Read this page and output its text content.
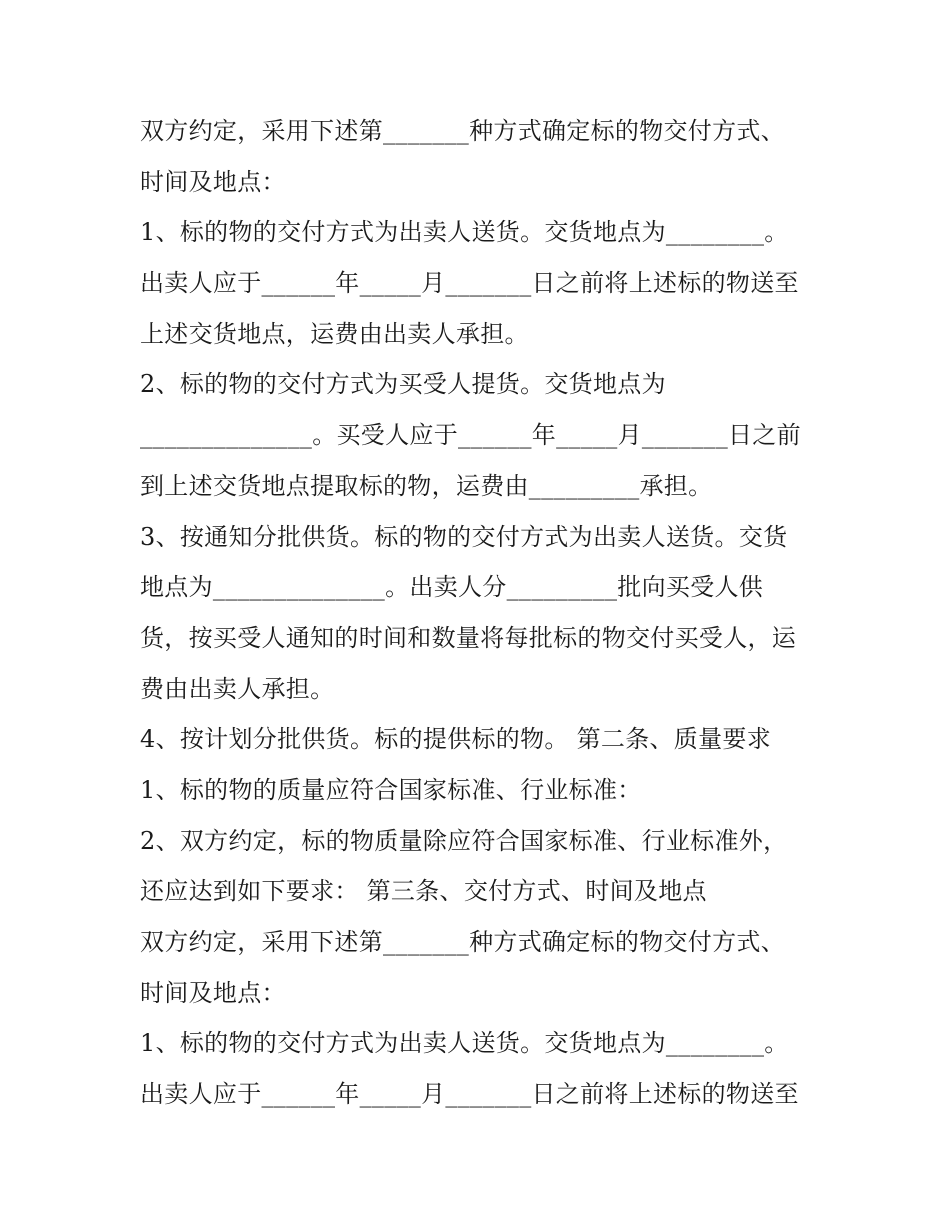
双方约定，采用下述第_______种方式确定标的物交付方式、
时间及地点：
1、标的物的交付方式为出卖人送货。交货地点为________。
出卖人应于______年_____月_______日之前将上述标的物送至
上述交货地点，运费由出卖人承担。
2、标的物的交付方式为买受人提货。交货地点为
______________。买受人应于______年_____月_______日之前
到上述交货地点提取标的物，运费由_________承担。
3、按通知分批供货。标的物的交付方式为出卖人送货。交货
地点为______________。出卖人分_________批向买受人供
货，按买受人通知的时间和数量将每批标的物交付买受人，运
费由出卖人承担。
4、按计划分批供货。标的提供标的物。 第二条、质量要求
1、标的物的质量应符合国家标准、行业标准：
2、双方约定，标的物质量除应符合国家标准、行业标准外，
还应达到如下要求： 第三条、交付方式、时间及地点
双方约定，采用下述第_______种方式确定标的物交付方式、
时间及地点：
1、标的物的交付方式为出卖人送货。交货地点为________。
出卖人应于______年_____月_______日之前将上述标的物送至
